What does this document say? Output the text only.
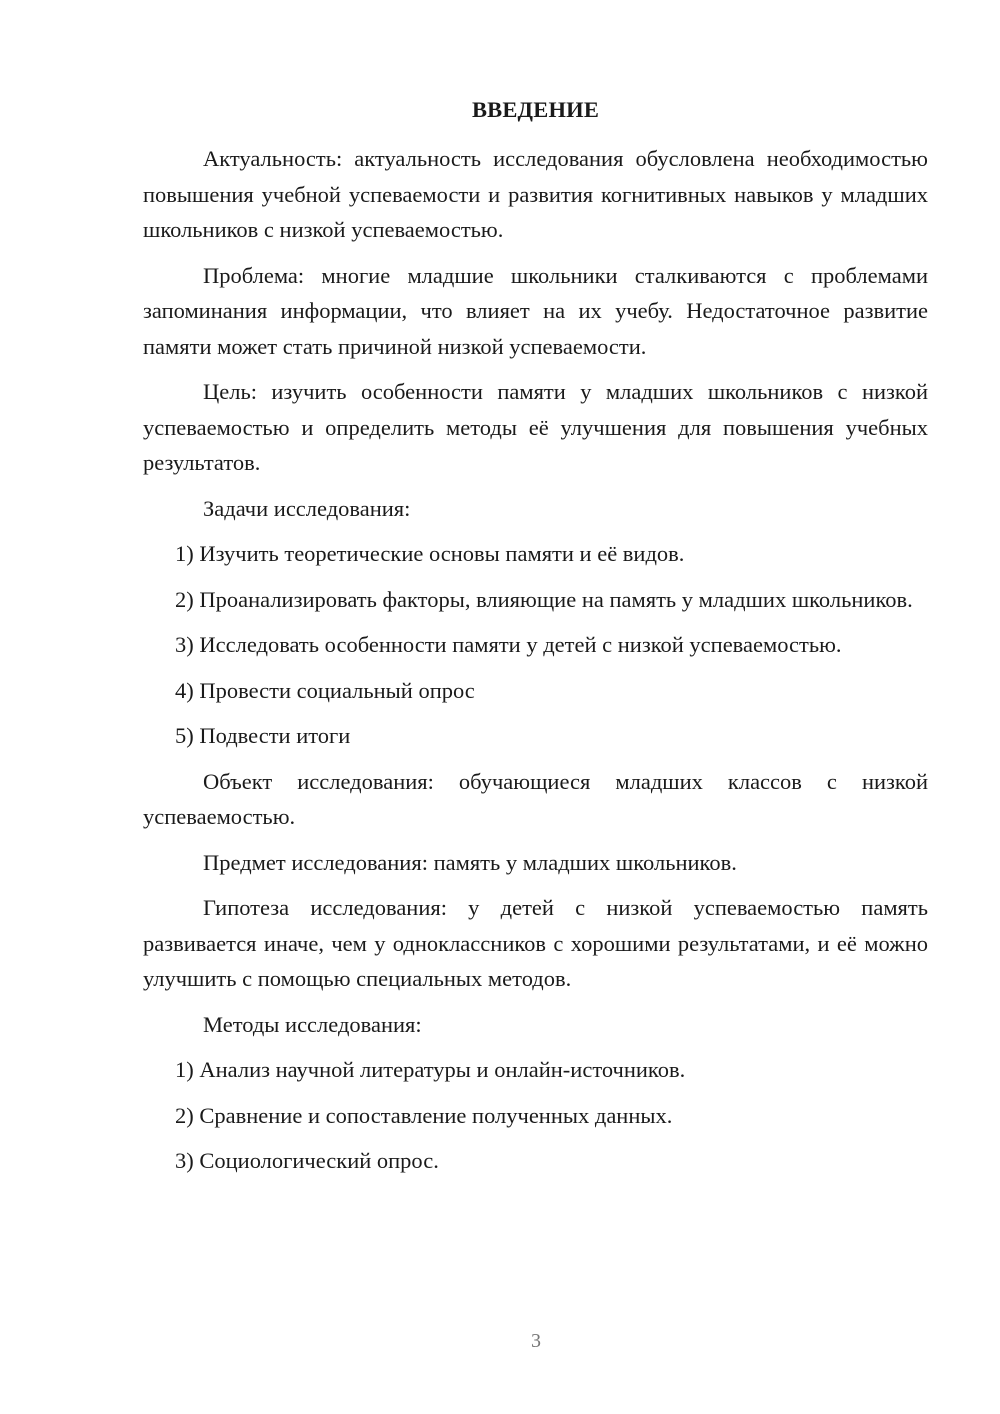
ВВЕДЕНИЕ

Актуальность: актуальность исследования обусловлена необходимостью повышения учебной успеваемости и развития когнитивных навыков у младших школьников с низкой успеваемостью.

Проблема: многие младшие школьники сталкиваются с проблемами запоминания информации, что влияет на их учебу. Недостаточное развитие памяти может стать причиной низкой успеваемости.

Цель: изучить особенности памяти у младших школьников с низкой успеваемостью и определить методы её улучшения для повышения учебных результатов.

Задачи исследования:

1) Изучить теоретические основы памяти и её видов.

2) Проанализировать факторы, влияющие на память у младших школьников.

3) Исследовать особенности памяти у детей с низкой успеваемостью.

4) Провести социальный опрос

5) Подвести итоги

Объект исследования: обучающиеся младших классов с низкой успеваемостью.

Предмет исследования: память у младших школьников.

Гипотеза исследования: у детей с низкой успеваемостью память развивается иначе, чем у одноклассников с хорошими результатами, и её можно улучшить с помощью специальных методов.

Методы исследования:

1) Анализ научной литературы и онлайн-источников.

2) Сравнение и сопоставление полученных данных.

3) Социологический опрос.

3
